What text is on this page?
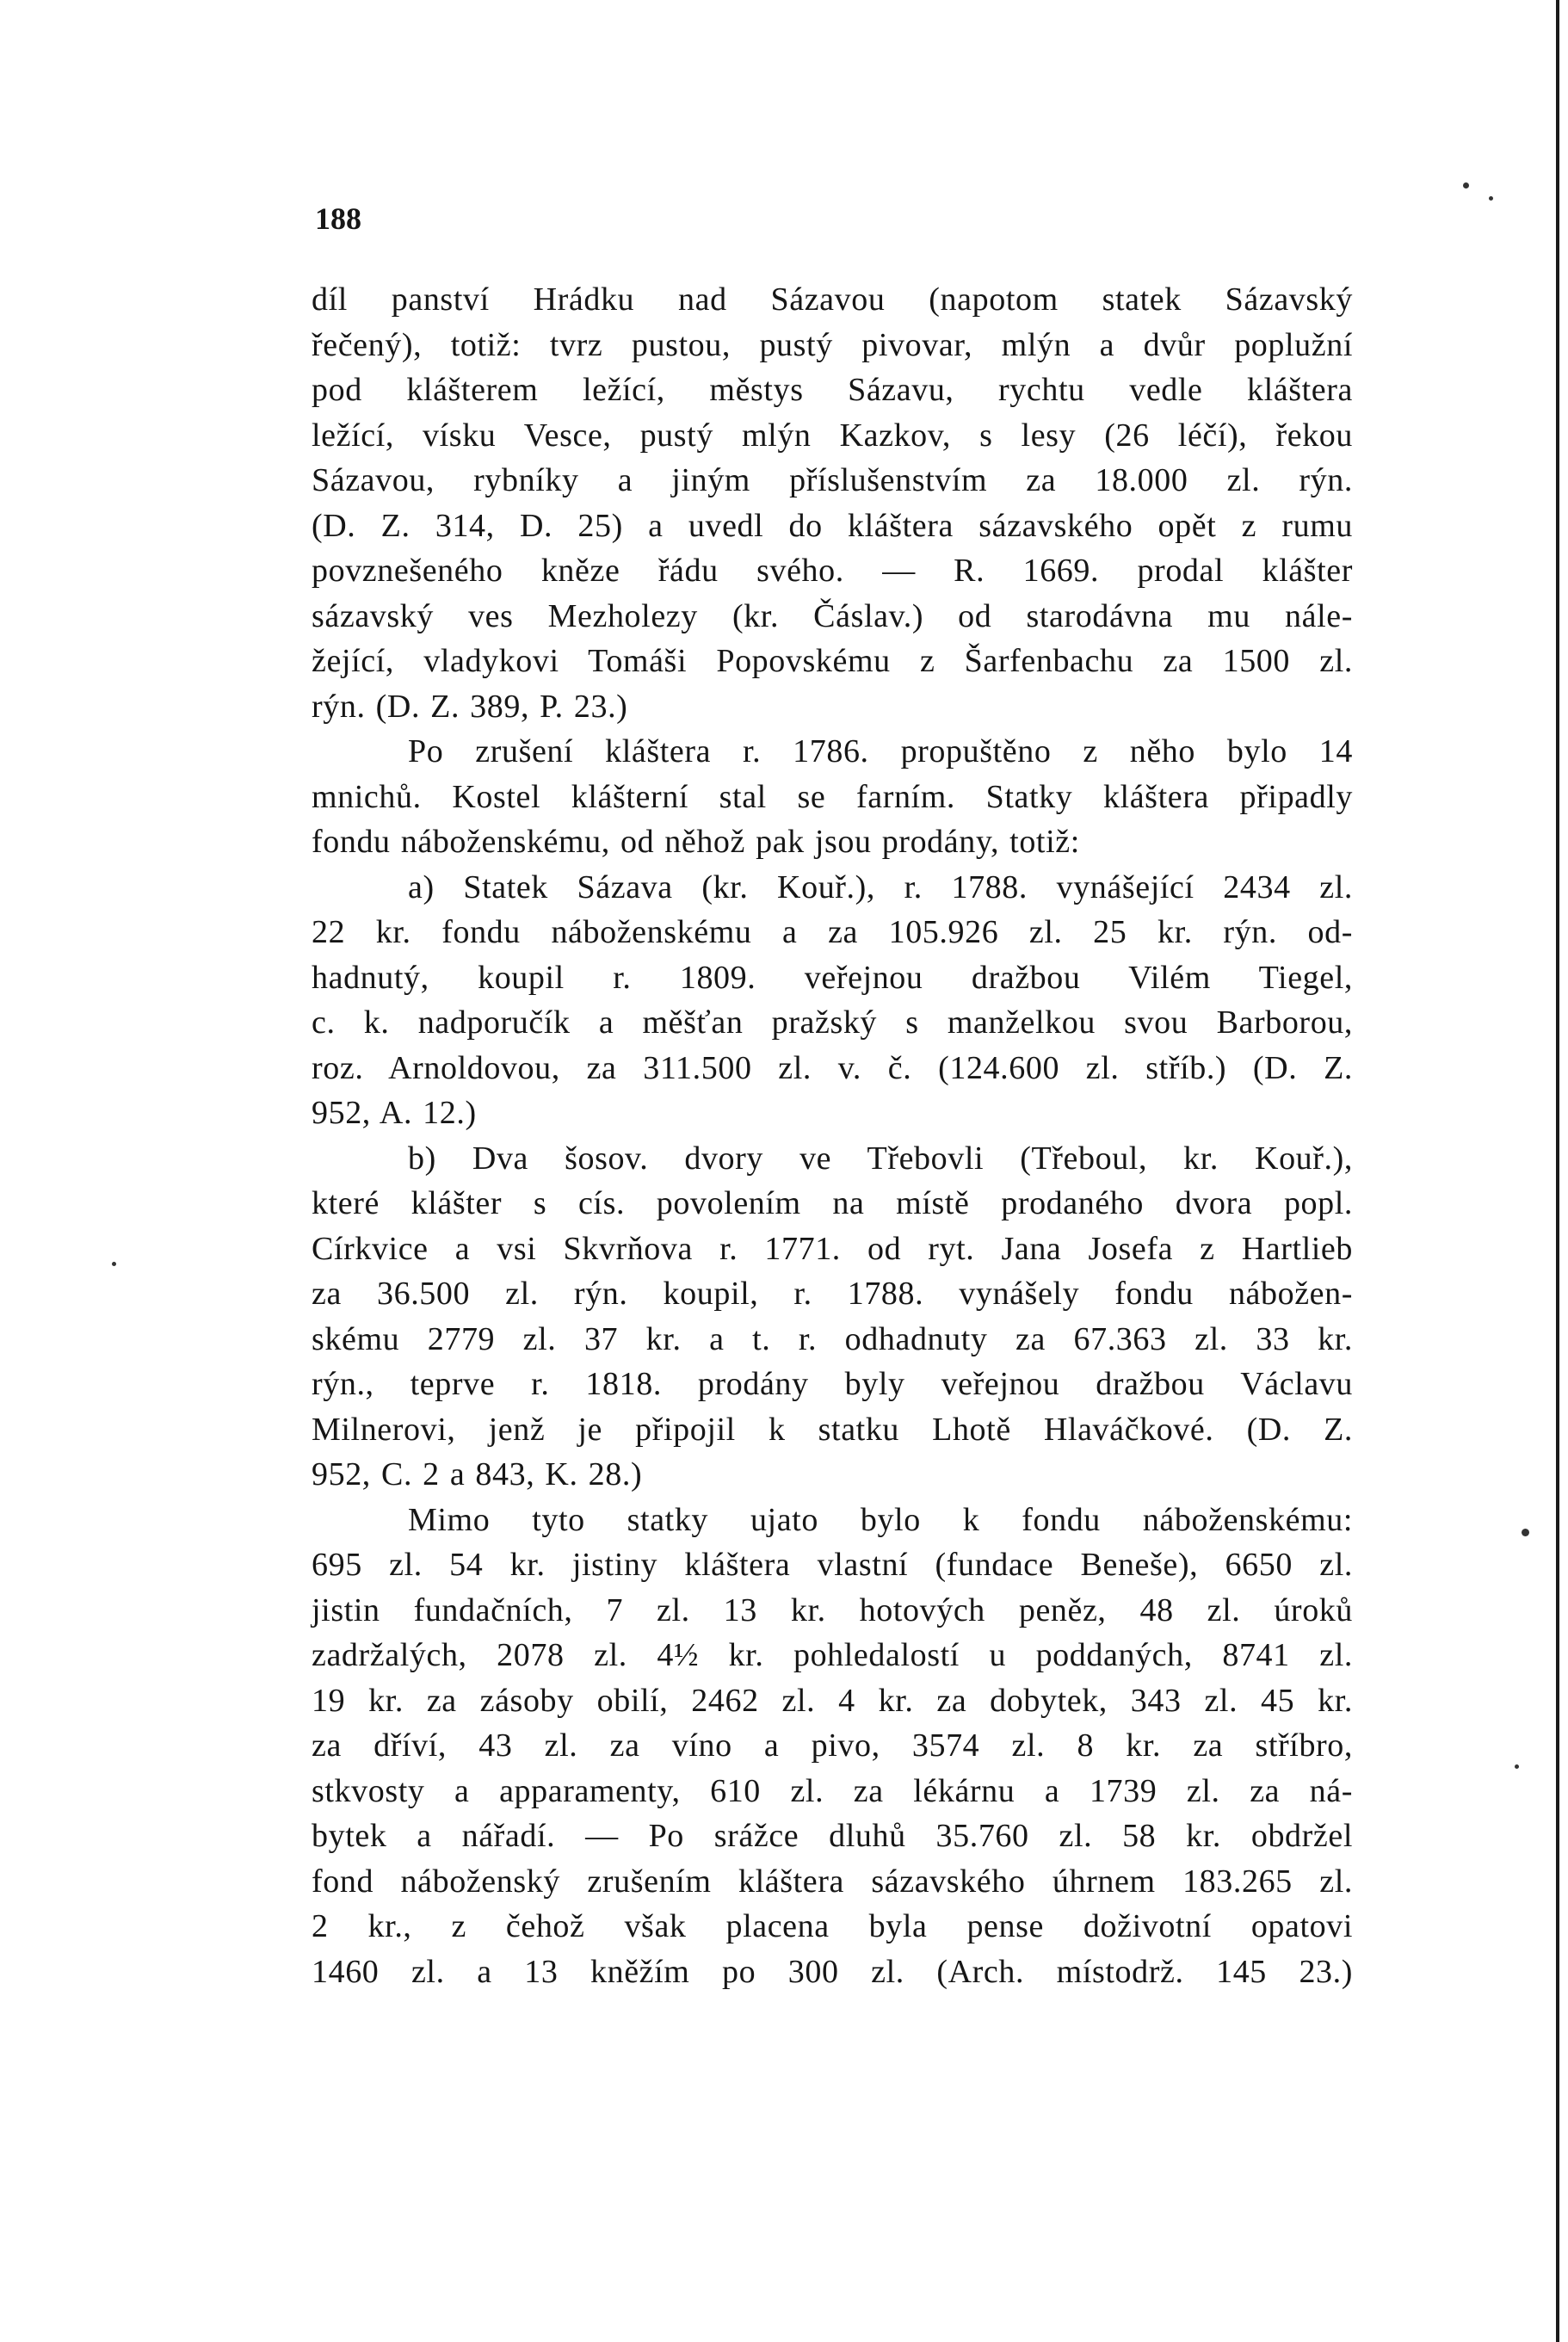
188

díl panství Hrádku nad Sázavou (napotom statek Sázavský
řečený), totiž: tvrz pustou, pustý pivovar, mlýn a dvůr poplužní
pod klášterem ležící, městys Sázavu, rychtu vedle kláštera
ležící, vísku Vesce, pustý mlýn Kazkov, s lesy (26 léčí), řekou
Sázavou, rybníky a jiným příslušenstvím za 18.000 zl. rýn.
(D. Z. 314, D. 25) a uvedl do kláštera sázavského opět z rumu
povznešeného kněze řádu svého. — R. 1669. prodal klášter
sázavský ves Mezholezy (kr. Čáslav.) od starodávna mu nále-
žející, vladykovi Tomáši Popovskému z Šarfenbachu za 1500 zl.
rýn. (D. Z. 389, P. 23.)
Po zrušení kláštera r. 1786. propuštěno z něho bylo 14
mnichů. Kostel klášterní stal se farním. Statky kláštera připadly
fondu náboženskému, od něhož pak jsou prodány, totiž:
a) Statek Sázava (kr. Kouř.), r. 1788. vynášející 2434 zl.
22 kr. fondu náboženskému a za 105.926 zl. 25 kr. rýn. od-
hadnutý, koupil r. 1809. veřejnou dražbou Vilém Tiegel,
c. k. nadporučík a měšťan pražský s manželkou svou Barborou,
roz. Arnoldovou, za 311.500 zl. v. č. (124.600 zl. stříb.) (D. Z.
952, A. 12.)
b) Dva šosov. dvory ve Třebovli (Třeboul, kr. Kouř.),
které klášter s cís. povolením na místě prodaného dvora popl.
Církvice a vsi Skvrňova r. 1771. od ryt. Jana Josefa z Hartlieb
za 36.500 zl. rýn. koupil, r. 1788. vynášely fondu nábožen-
skému 2779 zl. 37 kr. a t. r. odhadnuty za 67.363 zl. 33 kr.
rýn., teprve r. 1818. prodány byly veřejnou dražbou Václavu
Milnerovi, jenž je připojil k statku Lhotě Hlaváčkové. (D. Z.
952, C. 2 a 843, K. 28.)
Mimo tyto statky ujato bylo k fondu náboženskému:
695 zl. 54 kr. jistiny kláštera vlastní (fundace Beneše), 6650 zl.
jistin fundačních, 7 zl. 13 kr. hotových peněz, 48 zl. úroků
zadržalých, 2078 zl. 4½ kr. pohledalostí u poddaných, 8741 zl.
19 kr. za zásoby obilí, 2462 zl. 4 kr. za dobytek, 343 zl. 45 kr.
za dříví, 43 zl. za víno a pivo, 3574 zl. 8 kr. za stříbro,
stkvosty a apparamenty, 610 zl. za lékárnu a 1739 zl. za ná-
bytek a nářadí. — Po srážce dluhů 35.760 zl. 58 kr. obdržel
fond náboženský zrušením kláštera sázavského úhrnem 183.265 zl.
2 kr., z čehož však placena byla pense doživotní opatovi
1460 zl. a 13 kněžím po 300 zl. (Arch. místodrž. 145 23.)
